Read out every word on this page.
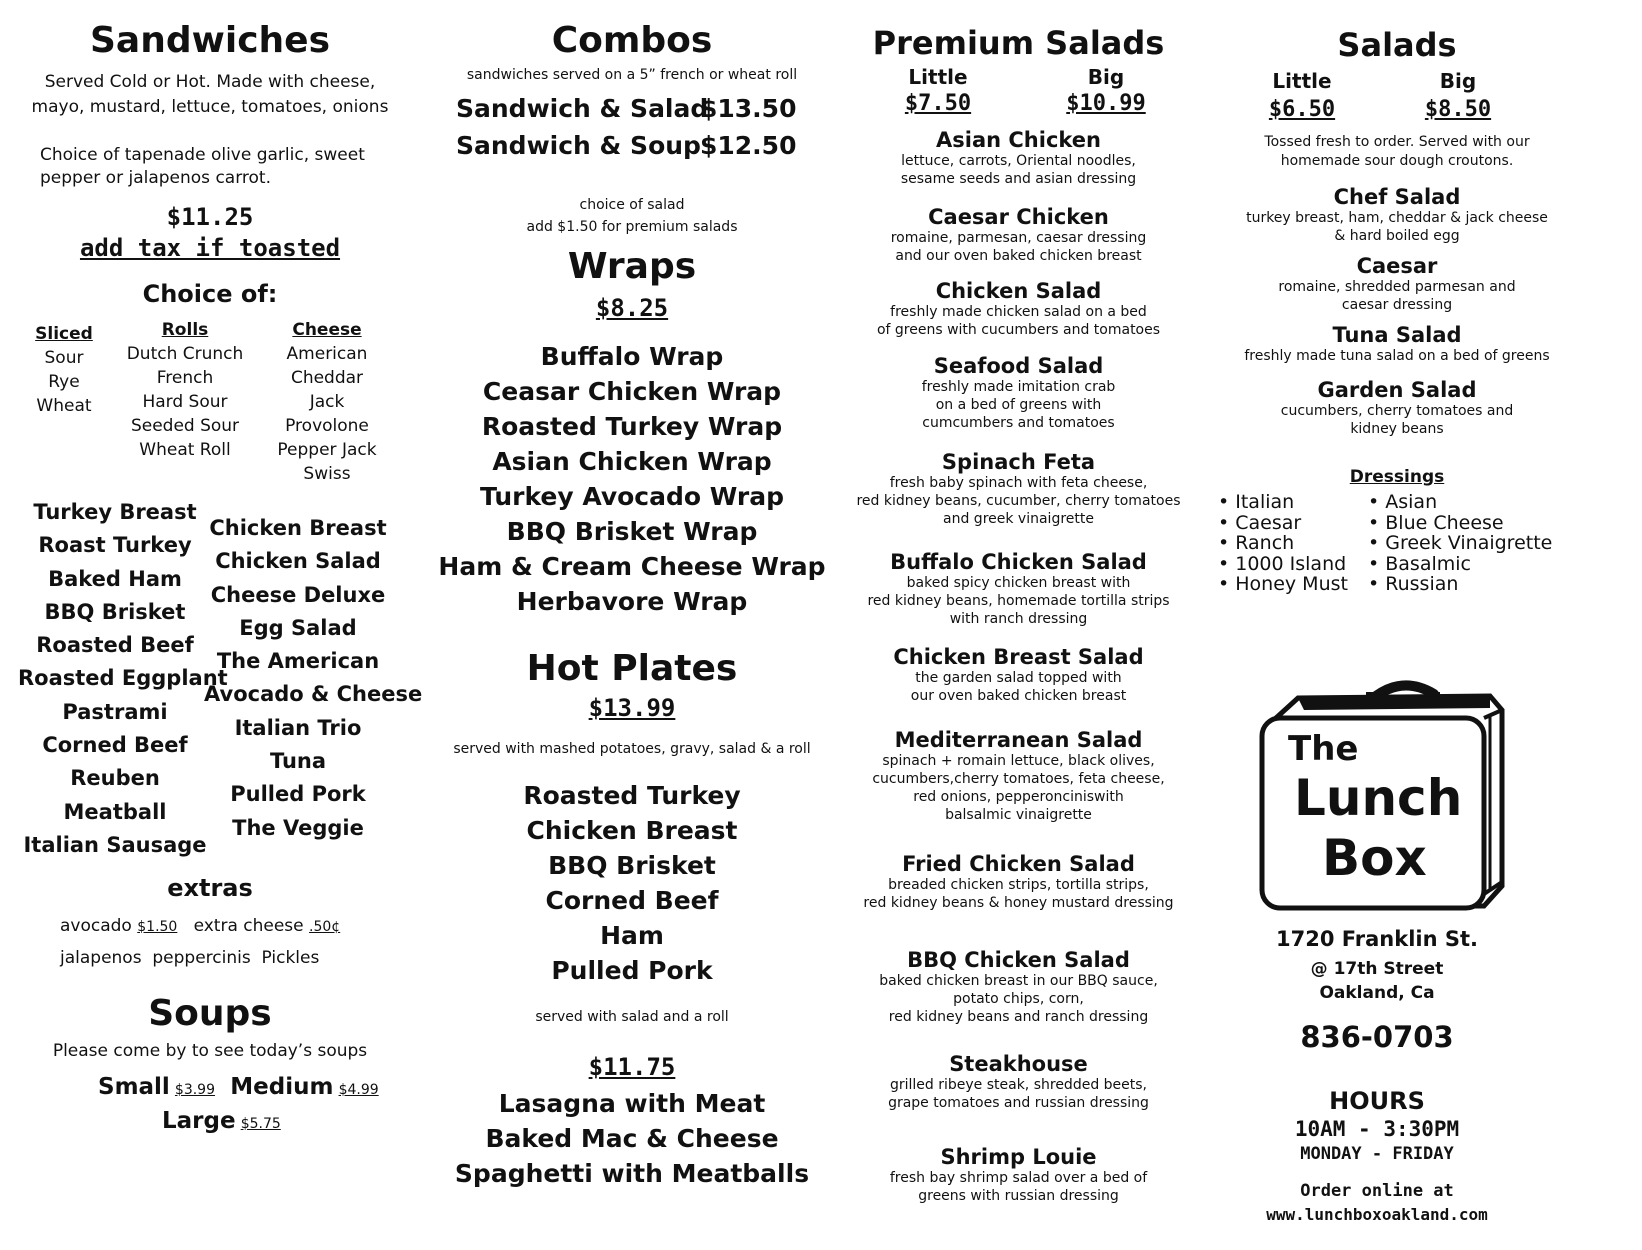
Sandwiches
Served Cold or Hot. Made with cheese,
mayo, mustard, lettuce, tomatoes, onions
Choice of tapenade olive garlic, sweet
pepper or jalapenos carrot.
$11.25
add tax if toasted
Choice of:
Sliced
Sour
Rye
Wheat
Rolls
Dutch Crunch
French
Hard Sour
Seeded Sour
Wheat Roll
Cheese
American
Cheddar
Jack
Provolone
Pepper Jack
Swiss
Turkey Breast
Roast Turkey
Baked Ham
BBQ Brisket
Roasted Beef
Roasted Eggplant
Pastrami
Corned Beef
Reuben
Meatball
Italian Sausage
Chicken Breast
Chicken Salad
Cheese Deluxe
Egg Salad
The American
Avocado & Cheese
Italian Trio
Tuna
Pulled Pork
The Veggie
extras
avocado $1.50 extra cheese .50¢
jalapenos  peppercinis  Pickles
Soups
Please come by to see today’s soups
Small $3.99 Medium $4.99
Large $5.75
Combos
sandwiches served on a 5” french or wheat roll
Sandwich & Salad
$13.50
Sandwich & Soup $12.50
choice of salad
add $1.50 for premium salads
Wraps
$8.25
Buffalo Wrap
Ceasar Chicken Wrap
Roasted Turkey Wrap
Asian Chicken Wrap
Turkey Avocado Wrap
BBQ Brisket Wrap
Ham & Cream Cheese Wrap
Herbavore Wrap
Hot Plates
$13.99
served with mashed potatoes, gravy, salad & a roll
Roasted Turkey
Chicken Breast
BBQ Brisket
Corned Beef
Ham
Pulled Pork
served with salad and a roll
$11.75
Lasagna with Meat
Baked Mac & Cheese
Spaghetti with Meatballs
Premium Salads
Little
$7.50
Big
$10.99
Asian Chicken
lettuce, carrots, Oriental noodles,
sesame seeds and asian dressing
Caesar Chicken
romaine, parmesan, caesar dressing
and our oven baked chicken breast
Chicken Salad
freshly made chicken salad on a bed
of greens with cucumbers and tomatoes
Seafood Salad
freshly made imitation crab
on a bed of greens with
cumcumbers and tomatoes
Spinach Feta
fresh baby spinach with feta cheese,
red kidney beans, cucumber, cherry tomatoes
and greek vinaigrette
Buffalo Chicken Salad
baked spicy chicken breast with
red kidney beans, homemade tortilla strips
with ranch dressing
Chicken Breast Salad
the garden salad topped with
our oven baked chicken breast
Mediterranean Salad
spinach + romain lettuce, black olives,
cucumbers,cherry tomatoes, feta cheese,
red onions, pepperonciniswith
balsalmic vinaigrette
Fried Chicken Salad
breaded chicken strips, tortilla strips,
red kidney beans & honey mustard dressing
BBQ Chicken Salad
baked chicken breast in our BBQ sauce,
potato chips, corn,
red kidney beans and ranch dressing
Steakhouse
grilled ribeye steak, shredded beets,
grape tomatoes and russian dressing
Shrimp Louie
fresh bay shrimp salad over a bed of
greens with russian dressing
Salads
Little
$6.50
Big
$8.50
Tossed fresh to order. Served with our
homemade sour dough croutons.
Chef Salad
turkey breast, ham, cheddar & jack cheese
& hard boiled egg
Caesar
romaine, shredded parmesan and
caesar dressing
Tuna Salad
freshly made tuna salad on a bed of greens
Garden Salad
cucumbers, cherry tomatoes and
kidney beans
Dressings
• Italian
• Caesar
• Ranch
• 1000 Island
• Honey Must
• Asian
• Blue Cheese
• Greek Vinaigrette
• Basalmic
• Russian
The
Lunch
Box
1720 Franklin St.
@ 17th Street
Oakland, Ca
836-0703
HOURS
10AM - 3:30PM
MONDAY - FRIDAY
Order online at
www.lunchboxoakland.com
